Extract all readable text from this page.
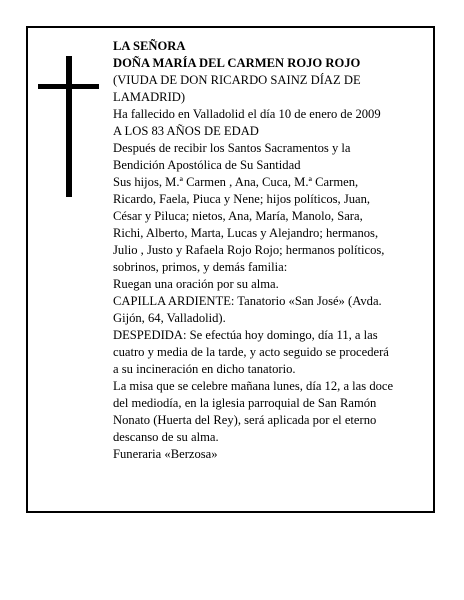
LA SEÑORA

DOÑA MARÍA DEL CARMEN ROJO ROJO

(VIUDA DE DON RICARDO SAINZ DÍAZ DE

LAMADRID)

Ha fallecido en Valladolid el día 10 de enero de 2009

A LOS 83 AÑOS DE EDAD

Después de recibir los Santos Sacramentos y la

Bendición Apostólica de Su Santidad

Sus hijos, M.ª Carmen , Ana, Cuca, M.ª Carmen,

Ricardo, Faela, Piuca y Nene; hijos políticos, Juan,

César y Piluca; nietos, Ana, María, Manolo, Sara,

Richi, Alberto, Marta, Lucas y Alejandro; hermanos,

Julio , Justo y Rafaela Rojo Rojo; hermanos políticos,

sobrinos, primos, y demás familia:

Ruegan una oración por su alma.

CAPILLA ARDIENTE: Tanatorio «San José» (Avda.

Gijón, 64, Valladolid).

DESPEDIDA: Se efectúa hoy domingo, día 11, a las

cuatro y media de la tarde, y acto seguido se procederá

a su incineración en dicho tanatorio.

La misa que se celebre mañana lunes, día 12, a las doce

del mediodía, en la iglesia parroquial de San Ramón

Nonato (Huerta del Rey), será aplicada por el eterno

descanso de su alma.

Funeraria «Berzosa»
